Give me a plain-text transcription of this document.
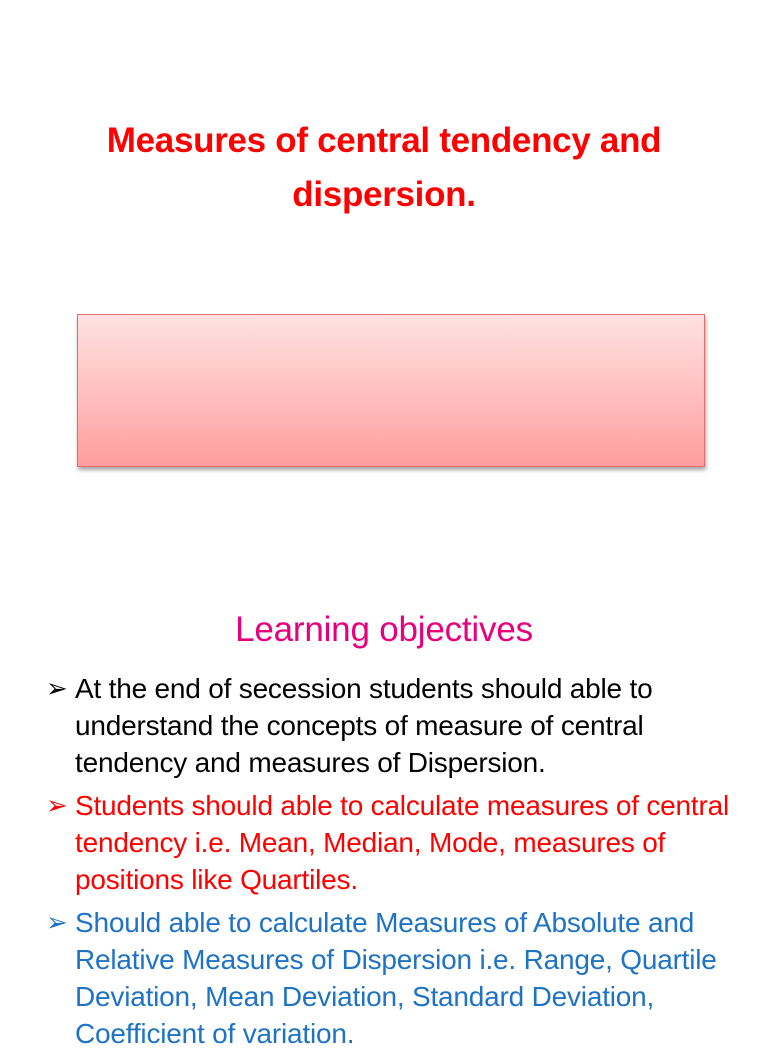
Measures of central tendency and dispersion.
Learning objectives
➢ At the end of secession students should able to understand the concepts of measure of central tendency and measures of Dispersion.
➢ Students should able to calculate measures of central tendency i.e. Mean, Median, Mode, measures of positions like Quartiles.
➢ Should able to calculate Measures of Absolute and Relative Measures of Dispersion i.e. Range, Quartile Deviation, Mean Deviation, Standard Deviation, Coefficient of variation.
